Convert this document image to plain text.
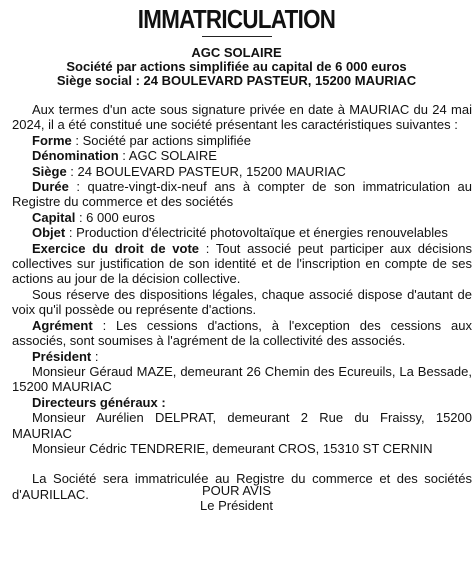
IMMATRICULATION
AGC SOLAIRE
Société par actions simplifiée au capital de 6 000 euros
Siège social : 24 BOULEVARD PASTEUR, 15200 MAURIAC

Aux termes d'un acte sous signature privée en date à MAURIAC du 24 mai 2024, il a été constitué une société présentant les caractéristiques suivantes :

Forme : Société par actions simplifiée

Dénomination : AGC SOLAIRE

Siège : 24 BOULEVARD PASTEUR, 15200 MAURIAC

Durée : quatre-vingt-dix-neuf ans à compter de son immatriculation au Registre du commerce et des sociétés

Capital : 6 000 euros

Objet : Production d'électricité photovoltaïque et énergies renouvelables

Exercice du droit de vote : Tout associé peut participer aux décisions collectives sur justification de son identité et de l'inscription en compte de ses actions au jour de la décision collective.

Sous réserve des dispositions légales, chaque associé dispose d'autant de voix qu'il possède ou représente d'actions.

Agrément : Les cessions d'actions, à l'exception des cessions aux associés, sont soumises à l'agrément de la collectivité des associés.

Président :

Monsieur Géraud MAZE, demeurant 26 Chemin des Ecureuils, La Bessade, 15200 MAURIAC

Directeurs généraux :

Monsieur Aurélien DELPRAT, demeurant 2 Rue du Fraissy, 15200 MAURIAC

Monsieur Cédric TENDRERIE, demeurant CROS, 15310 ST CERNIN

La Société sera immatriculée au Registre du commerce et des sociétés d'AURILLAC.	POUR AVIS
Le Président
